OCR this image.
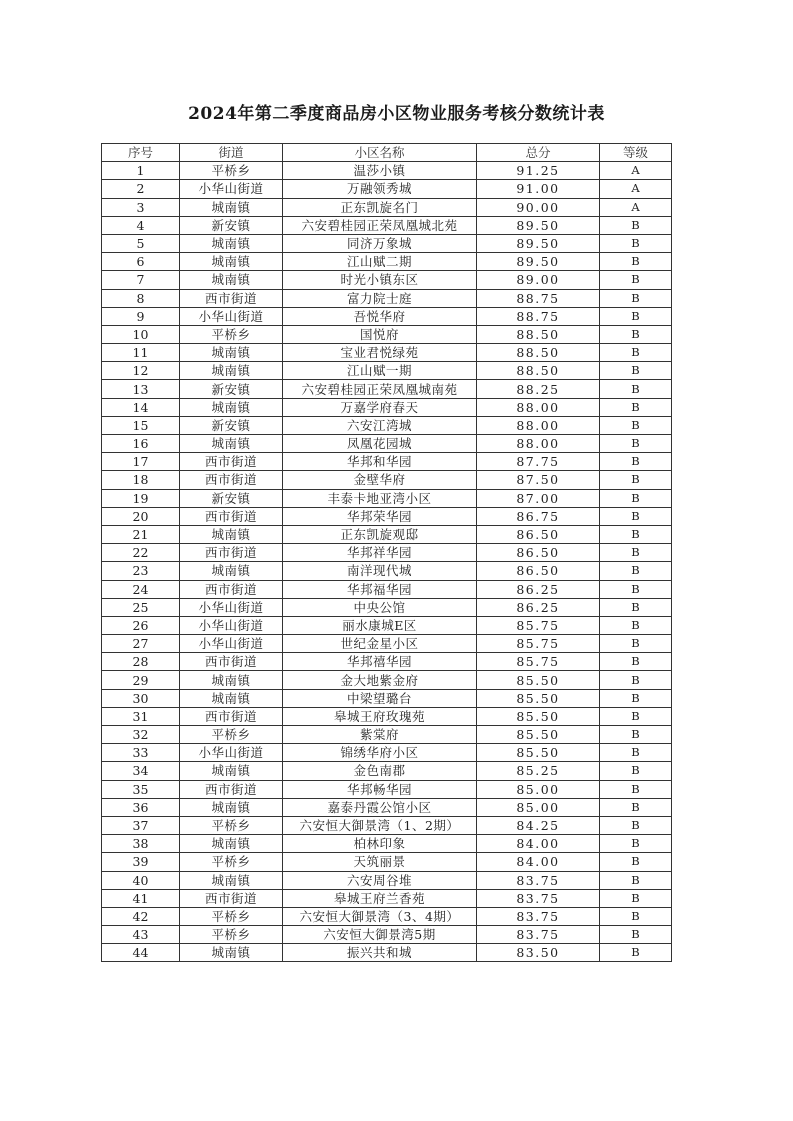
2024年第二季度商品房小区物业服务考核分数统计表
序号	街道	小区名称	总分	等级
1	平桥乡	温莎小镇	91.25	A
2	小华山街道	万融领秀城	91.00	A
3	城南镇	正东凯旋名门	90.00	A
4	新安镇	六安碧桂园正荣凤凰城北苑	89.50	B
5	城南镇	同济万象城	89.50	B
6	城南镇	江山赋二期	89.50	B
7	城南镇	时光小镇东区	89.00	B
8	西市街道	富力院士庭	88.75	B
9	小华山街道	吾悦华府	88.75	B
10	平桥乡	国悦府	88.50	B
11	城南镇	宝业君悦绿苑	88.50	B
12	城南镇	江山赋一期	88.50	B
13	新安镇	六安碧桂园正荣凤凰城南苑	88.25	B
14	城南镇	万嘉学府春天	88.00	B
15	新安镇	六安江湾城	88.00	B
16	城南镇	凤凰花园城	88.00	B
17	西市街道	华邦和华园	87.75	B
18	西市街道	金壁华府	87.50	B
19	新安镇	丰泰卡地亚湾小区	87.00	B
20	西市街道	华邦荣华园	86.75	B
21	城南镇	正东凯旋观邸	86.50	B
22	西市街道	华邦祥华园	86.50	B
23	城南镇	南洋现代城	86.50	B
24	西市街道	华邦福华园	86.25	B
25	小华山街道	中央公馆	86.25	B
26	小华山街道	丽水康城E区	85.75	B
27	小华山街道	世纪金星小区	85.75	B
28	西市街道	华邦禧华园	85.75	B
29	城南镇	金大地紫金府	85.50	B
30	城南镇	中梁望璐台	85.50	B
31	西市街道	皋城王府玫瑰苑	85.50	B
32	平桥乡	紫棠府	85.50	B
33	小华山街道	锦绣华府小区	85.50	B
34	城南镇	金色南郡	85.25	B
35	西市街道	华邦畅华园	85.00	B
36	城南镇	嘉泰丹霞公馆小区	85.00	B
37	平桥乡	六安恒大御景湾（1、2期）	84.25	B
38	城南镇	柏林印象	84.00	B
39	平桥乡	天筑丽景	84.00	B
40	城南镇	六安周谷堆	83.75	B
41	西市街道	皋城王府兰香苑	83.75	B
42	平桥乡	六安恒大御景湾（3、4期）	83.75	B
43	平桥乡	六安恒大御景湾5期	83.75	B
44	城南镇	振兴共和城	83.50	B
